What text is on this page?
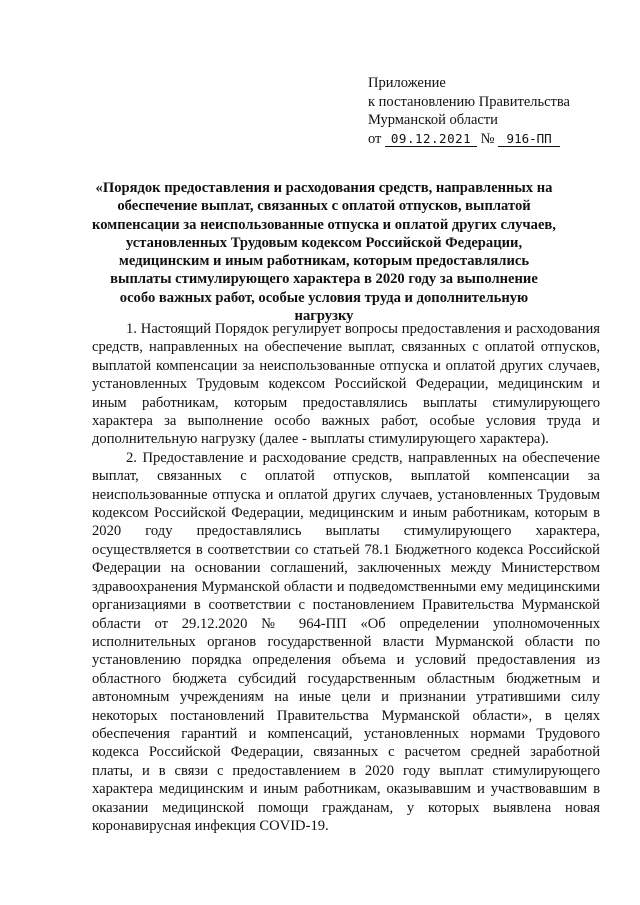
Приложение
к постановлению Правительства
Мурманской области
от 09.12.2021 № 916-ПП
«Порядок предоставления и расходования средств, направленных на обеспечение выплат, связанных с оплатой отпусков, выплатой компенсации за неиспользованные отпуска и оплатой других случаев, установленных Трудовым кодексом Российской Федерации, медицинским и иным работникам, которым предоставлялись выплаты стимулирующего характера в 2020 году за выполнение особо важных работ, особые условия труда и дополнительную нагрузку

1. Настоящий Порядок регулирует вопросы предоставления и расходования средств, направленных на обеспечение выплат, связанных с оплатой отпусков, выплатой компенсации за неиспользованные отпуска и оплатой других случаев, установленных Трудовым кодексом Российской Федерации, медицинским и иным работникам, которым предоставлялись выплаты стимулирующего характера за выполнение особо важных работ, особые условия труда и дополнительную нагрузку (далее - выплаты стимулирующего характера).

2. Предоставление и расходование средств, направленных на обеспечение выплат, связанных с оплатой отпусков, выплатой компенсации за неиспользованные отпуска и оплатой других случаев, установленных Трудовым кодексом Российской Федерации, медицинским и иным работникам, которым в 2020 году предоставлялись выплаты стимулирующего характера, осуществляется в соответствии со статьей 78.1 Бюджетного кодекса Российской Федерации на основании соглашений, заключенных между Министерством здравоохранения Мурманской области и подведомственными ему медицинскими организациями в соответствии с постановлением Правительства Мурманской области от 29.12.2020 № 964-ПП «Об определении уполномоченных исполнительных органов государственной власти Мурманской области по установлению порядка определения объема и условий предоставления из областного бюджета субсидий государственным областным бюджетным и автономным учреждениям на иные цели и признании утратившими силу некоторых постановлений Правительства Мурманской области», в целях обеспечения гарантий и компенсаций, установленных нормами Трудового кодекса Российской Федерации, связанных с расчетом средней заработной платы, и в связи с предоставлением в 2020 году выплат стимулирующего характера медицинским и иным работникам, оказывавшим и участвовавшим в оказании медицинской помощи гражданам, у которых выявлена новая коронавирусная инфекция COVID-19.
